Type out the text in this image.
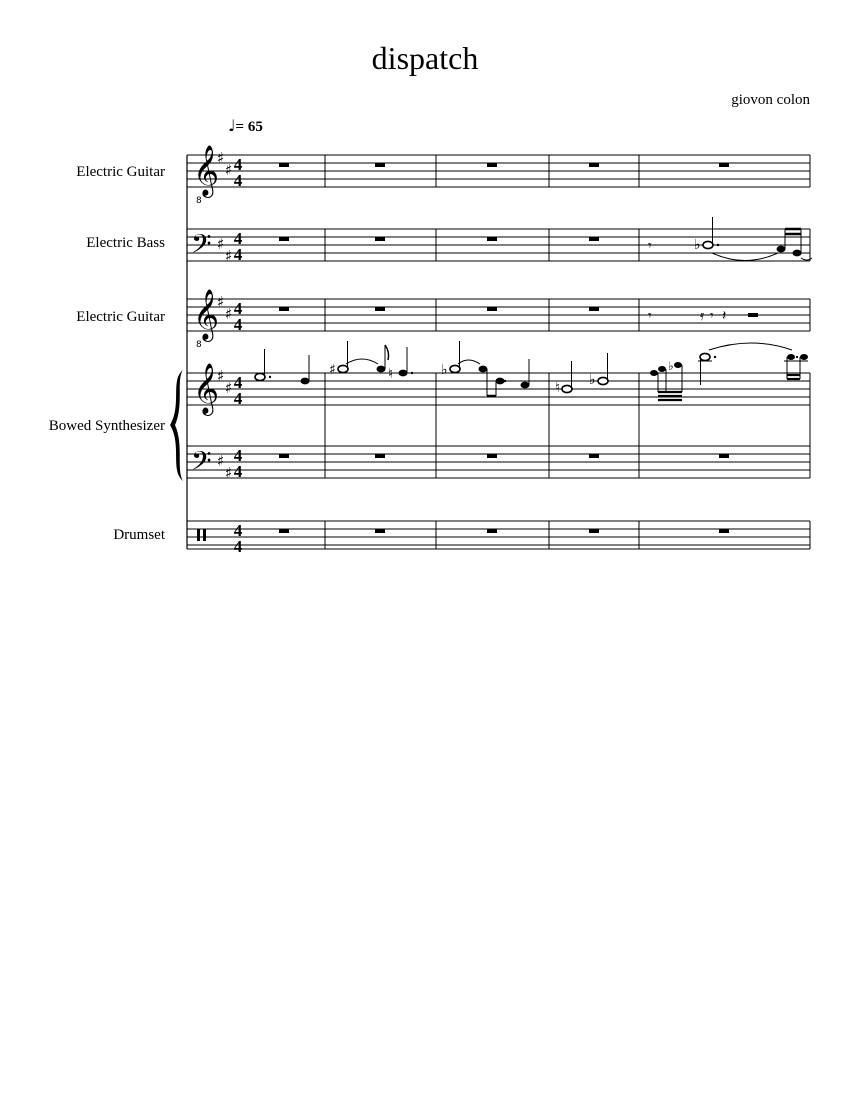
dispatch
giovon colon
♩= 65
Electric Guitar
Electric Bass
Electric Guitar
Bowed Synthesizer
Drumset
𝄞
8
𝄢
𝄞
8
𝄞
𝄢
♯
♯
♯
♯
♯
♯
♯
♯
♯
♯
4
4
4
4
4
4
4
4
4
4
4
4
𝄾	♭
𝄾	𝄿 𝄾 𝄽
♯	♮	♭
♮ ♭
♭
